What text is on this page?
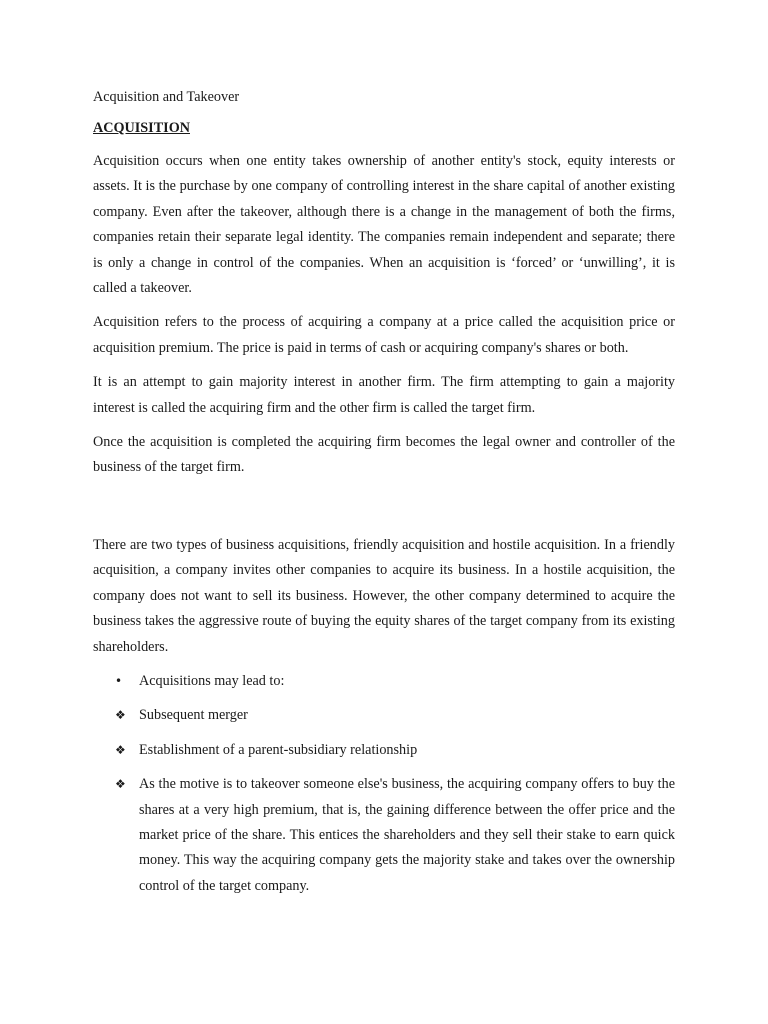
Acquisition and Takeover

ACQUISITION

Acquisition occurs when one entity takes ownership of another entity's stock, equity interests or assets. It is the purchase by one company of controlling interest in the share capital of another existing company. Even after the takeover, although there is a change in the management of both the firms, companies retain their separate legal identity. The companies remain independent and separate; there is only a change in control of the companies. When an acquisition is ‘forced’ or ‘unwilling’, it is called a takeover.

Acquisition refers to the process of acquiring a company at a price called the acquisition price or acquisition premium. The price is paid in terms of cash or acquiring company's shares or both.

It is an attempt to gain majority interest in another firm. The firm attempting to gain a majority interest is called the acquiring firm and the other firm is called the target firm.

Once the acquisition is completed the acquiring firm becomes the legal owner and controller of the business of the target firm.

There are two types of business acquisitions, friendly acquisition and hostile acquisition. In a friendly acquisition, a company invites other companies to acquire its business. In a hostile acquisition, the company does not want to sell its business. However, the other company determined to acquire the business takes the aggressive route of buying the equity shares of the target company from its existing shareholders.

•	Acquisitions may lead to:
❖ Subsequent merger
❖ Establishment of a parent-subsidiary relationship
❖ As the motive is to takeover someone else's business, the acquiring company offers to buy the shares at a very high premium, that is, the gaining difference between the offer price and the market price of the share. This entices the shareholders and they sell their stake to earn quick money. This way the acquiring company gets the majority stake and takes over the ownership control of the target company.
